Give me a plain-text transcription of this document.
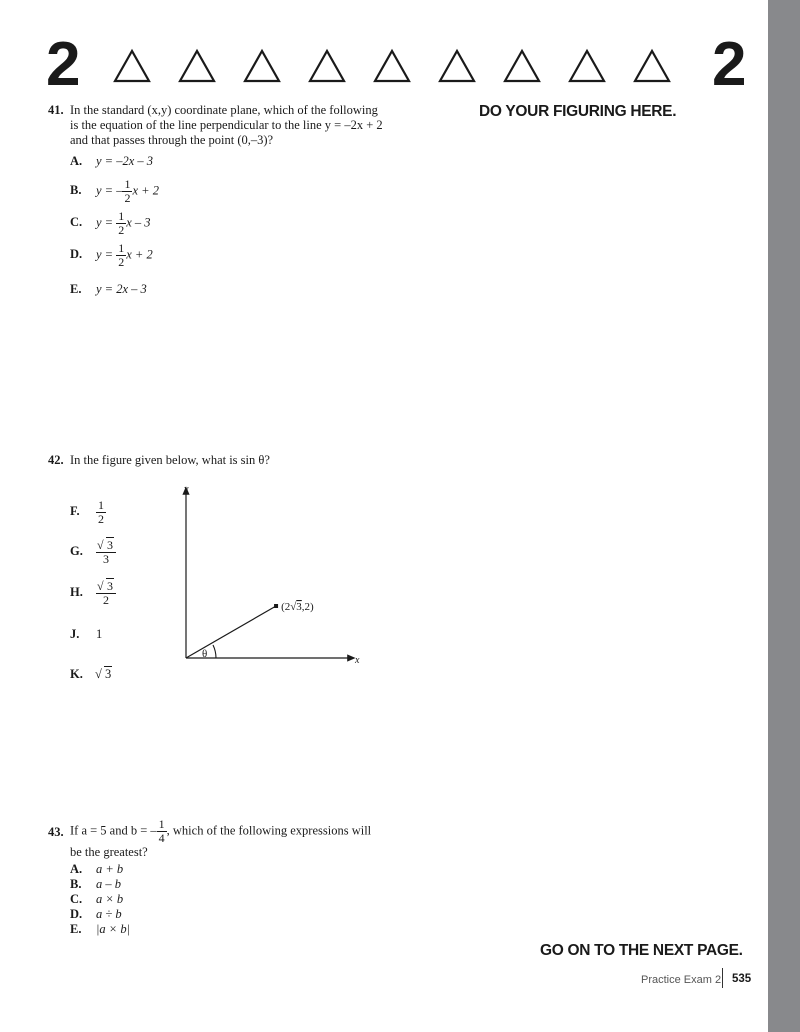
2	2
DO YOUR FIGURING HERE.
41. In the standard (x,y) coordinate plane, which of the following
is the equation of the line perpendicular to the line y = –2x + 2
and that passes through the point (0,–3)?
A. y = –2x – 3
B. y = – $\frac{1}{2}$ x + 2
C. $y = \frac{1}{2}$ x – 3
D. $y = \frac{1}{2}$ x + 2
E. y = 2x – 3
42. In the figure given below, what is sin θ?
F. $\frac{1}{2}$
G. √ $\frac{3}{3}$
H. √ $\frac{3}{2}$
J. 1
K. √ 3
θ
y
x
(2√3,2)
43. If a = 5 and b = – $\frac{1}{4}$ , which of the following expressions will
be the greatest?
A. a + b
B. a – b
C. a × b
D. a ÷ b
E. |a × b|
GO ON TO THE NEXT PAGE.
Practice Exam 2 535
